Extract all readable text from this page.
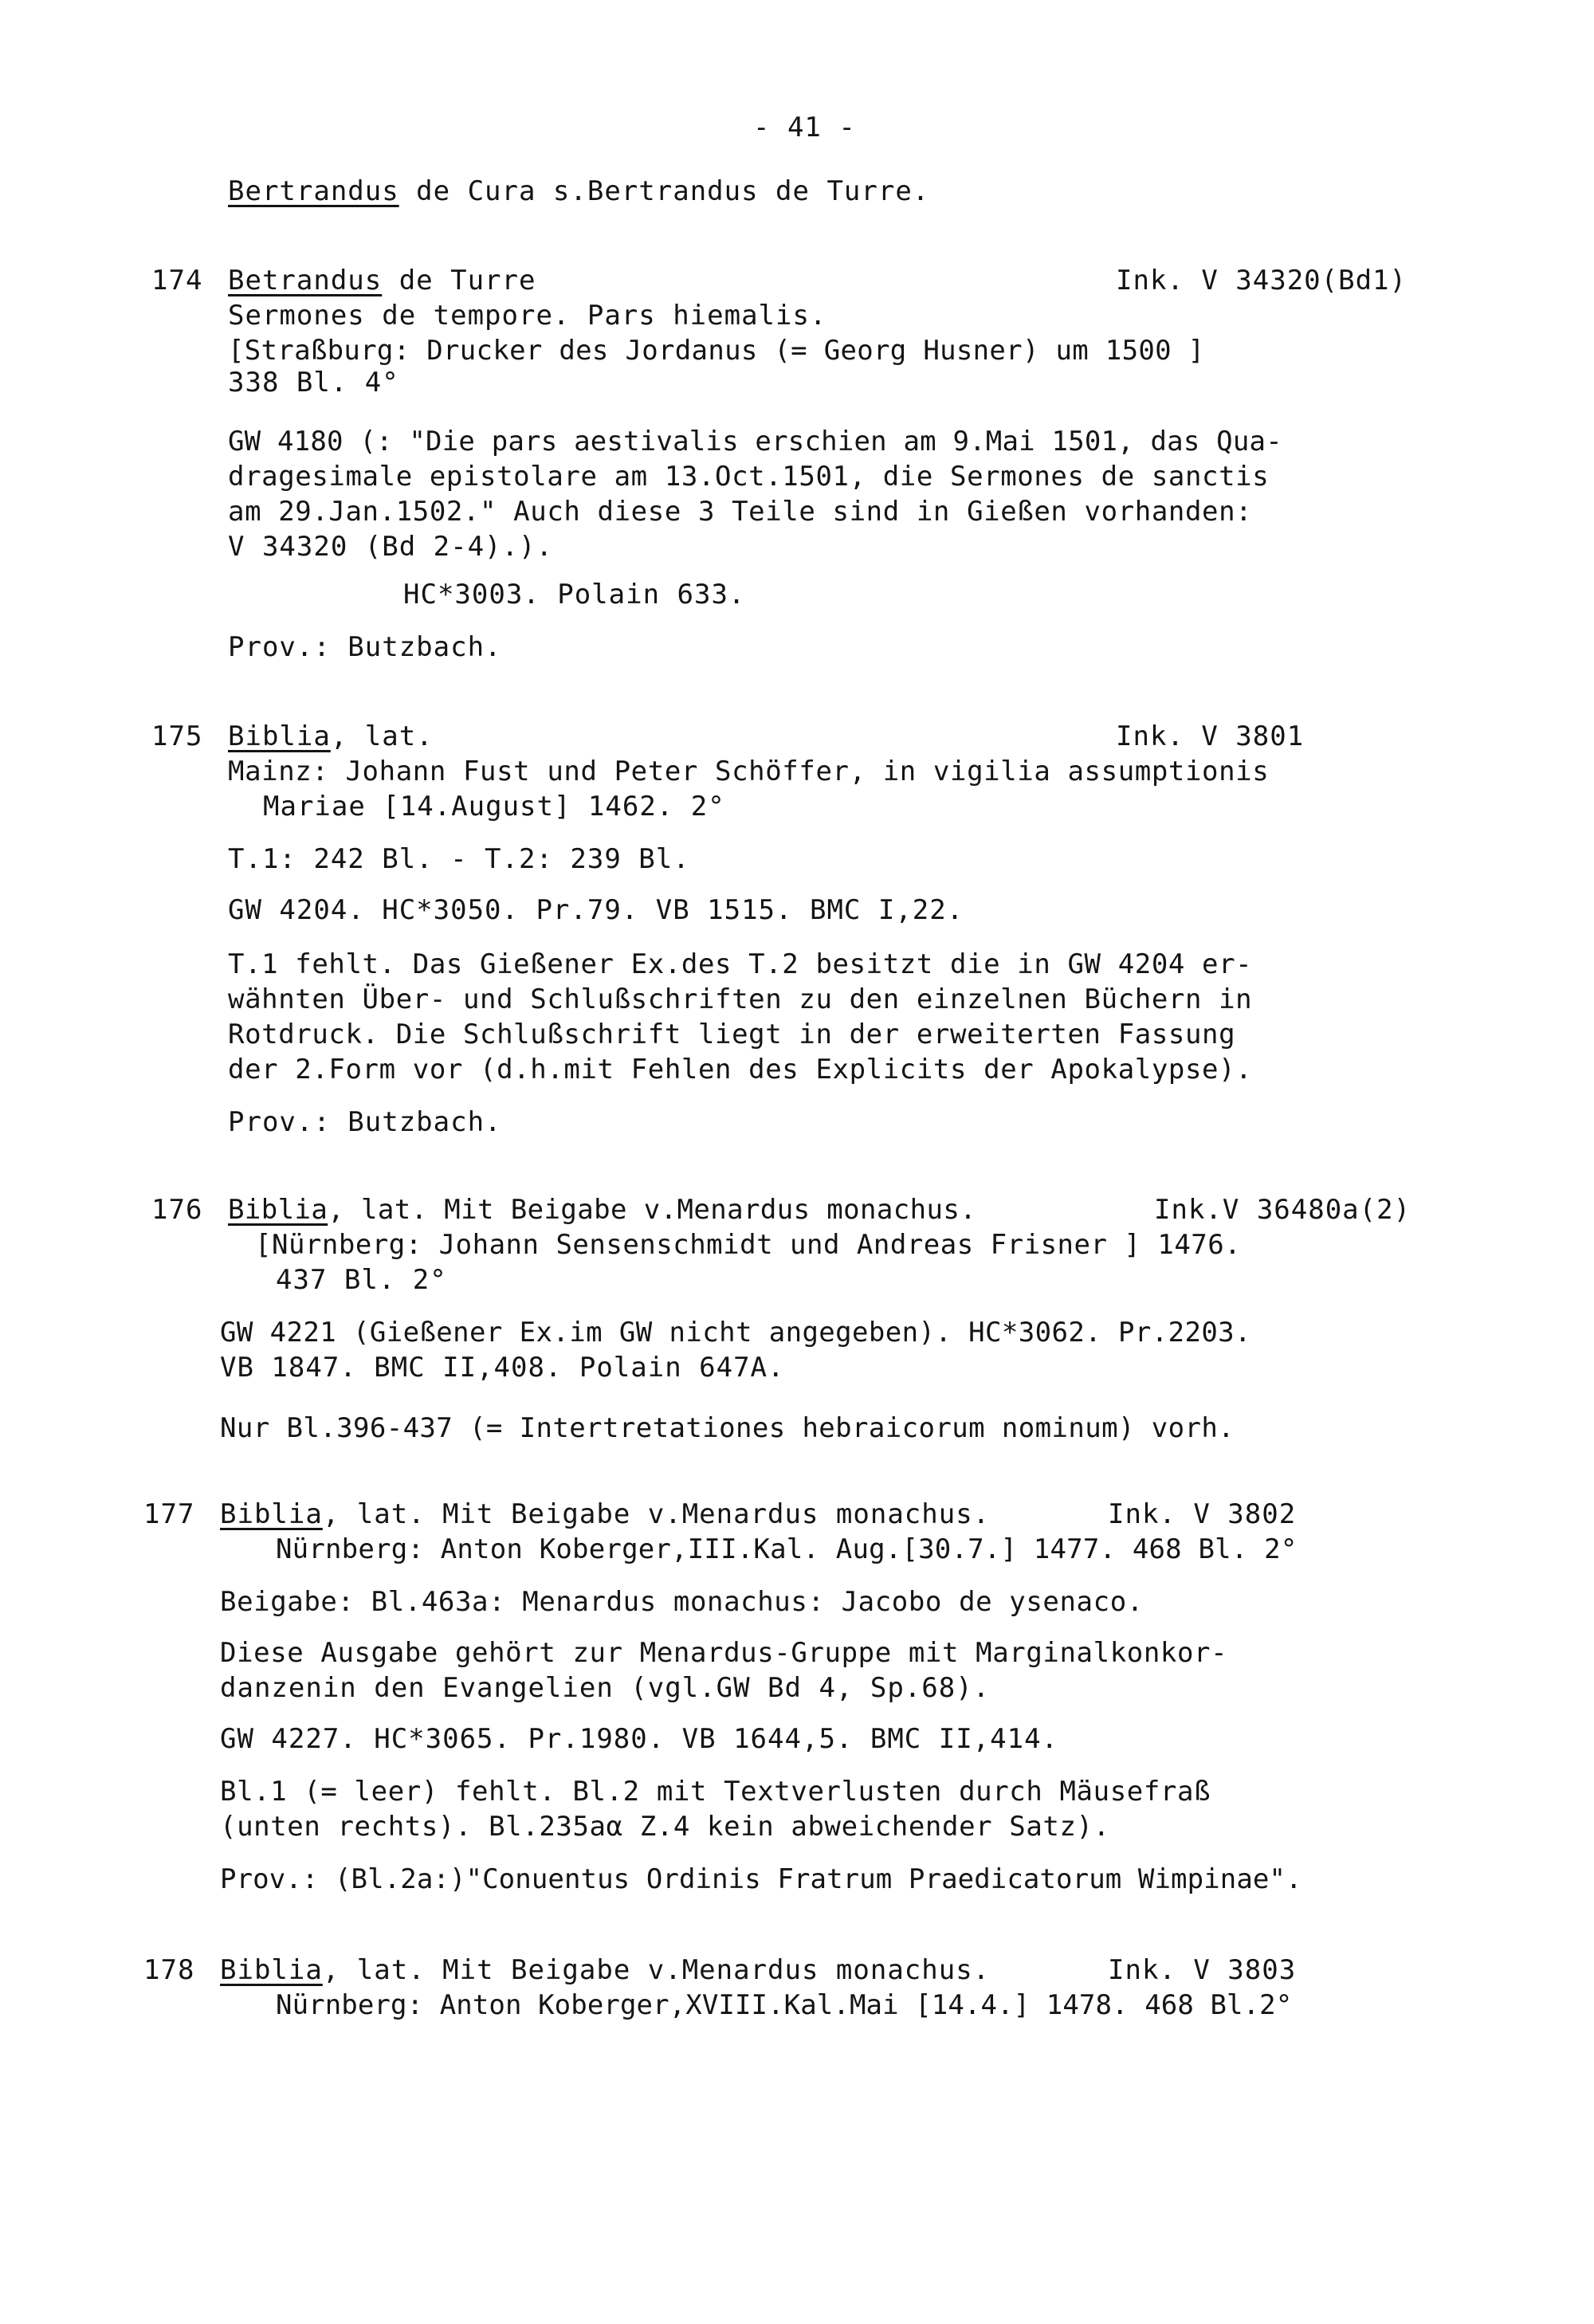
- 41 -
Bertrandus de Cura s.Bertrandus de Turre.
174 Betrandus de Turre	Ink. V 34320(Bd1)
Sermones de tempore. Pars hiemalis.
[Straßburg: Drucker des Jordanus (= Georg Husner) um 1500 ]
338 Bl. 4°
GW 4180 (: "Die pars aestivalis erschien am 9.Mai 1501, das Qua-
dragesimale epistolare am 13.Oct.1501, die Sermones de sanctis
am 29.Jan.1502." Auch diese 3 Teile sind in Gießen vorhanden:
V 34320 (Bd 2-4).).
HC*3003. Polain 633.
Prov.: Butzbach.
175 Biblia, lat.	Ink. V 3801
Mainz: Johann Fust und Peter Schöffer, in vigilia assumptionis
Mariae [14.August] 1462. 2°
T.1: 242 Bl. - T.2: 239 Bl.
GW 4204. HC*3050. Pr.79. VB 1515. BMC I,22.
T.1 fehlt. Das Gießener Ex.des T.2 besitzt die in GW 4204 er-
wähnten Über- und Schlußschriften zu den einzelnen Büchern in
Rotdruck. Die Schlußschrift liegt in der erweiterten Fassung
der 2.Form vor (d.h.mit Fehlen des Explicits der Apokalypse).
Prov.: Butzbach.
176 Biblia, lat. Mit Beigabe v.Menardus monachus.	Ink.V 36480a(2)
[Nürnberg: Johann Sensenschmidt und Andreas Frisner ] 1476.
437 Bl. 2°
GW 4221 (Gießener Ex.im GW nicht angegeben). HC*3062. Pr.2203.
VB 1847. BMC II,408. Polain 647A.
Nur Bl.396-437 (= Intertretationes hebraicorum nominum) vorh.
177 Biblia, lat. Mit Beigabe v.Menardus monachus.	Ink. V 3802
Nürnberg: Anton Koberger,III.Kal. Aug.[30.7.] 1477. 468 Bl. 2°
Beigabe: Bl.463a: Menardus monachus: Jacobo de ysenaco.
Diese Ausgabe gehört zur Menardus-Gruppe mit Marginalkonkor-
danzenin den Evangelien (vgl.GW Bd 4, Sp.68).
GW 4227. HC*3065. Pr.1980. VB 1644,5. BMC II,414.
Bl.1 (= leer) fehlt. Bl.2 mit Textverlusten durch Mäusefraß
(unten rechts). Bl.235aα Z.4 kein abweichender Satz).
Prov.: (Bl.2a:)"Conuentus Ordinis Fratrum Praedicatorum Wimpinae".
178 Biblia, lat. Mit Beigabe v.Menardus monachus.	Ink. V 3803
Nürnberg: Anton Koberger,XVIII.Kal.Mai [14.4.] 1478. 468 Bl.2°
